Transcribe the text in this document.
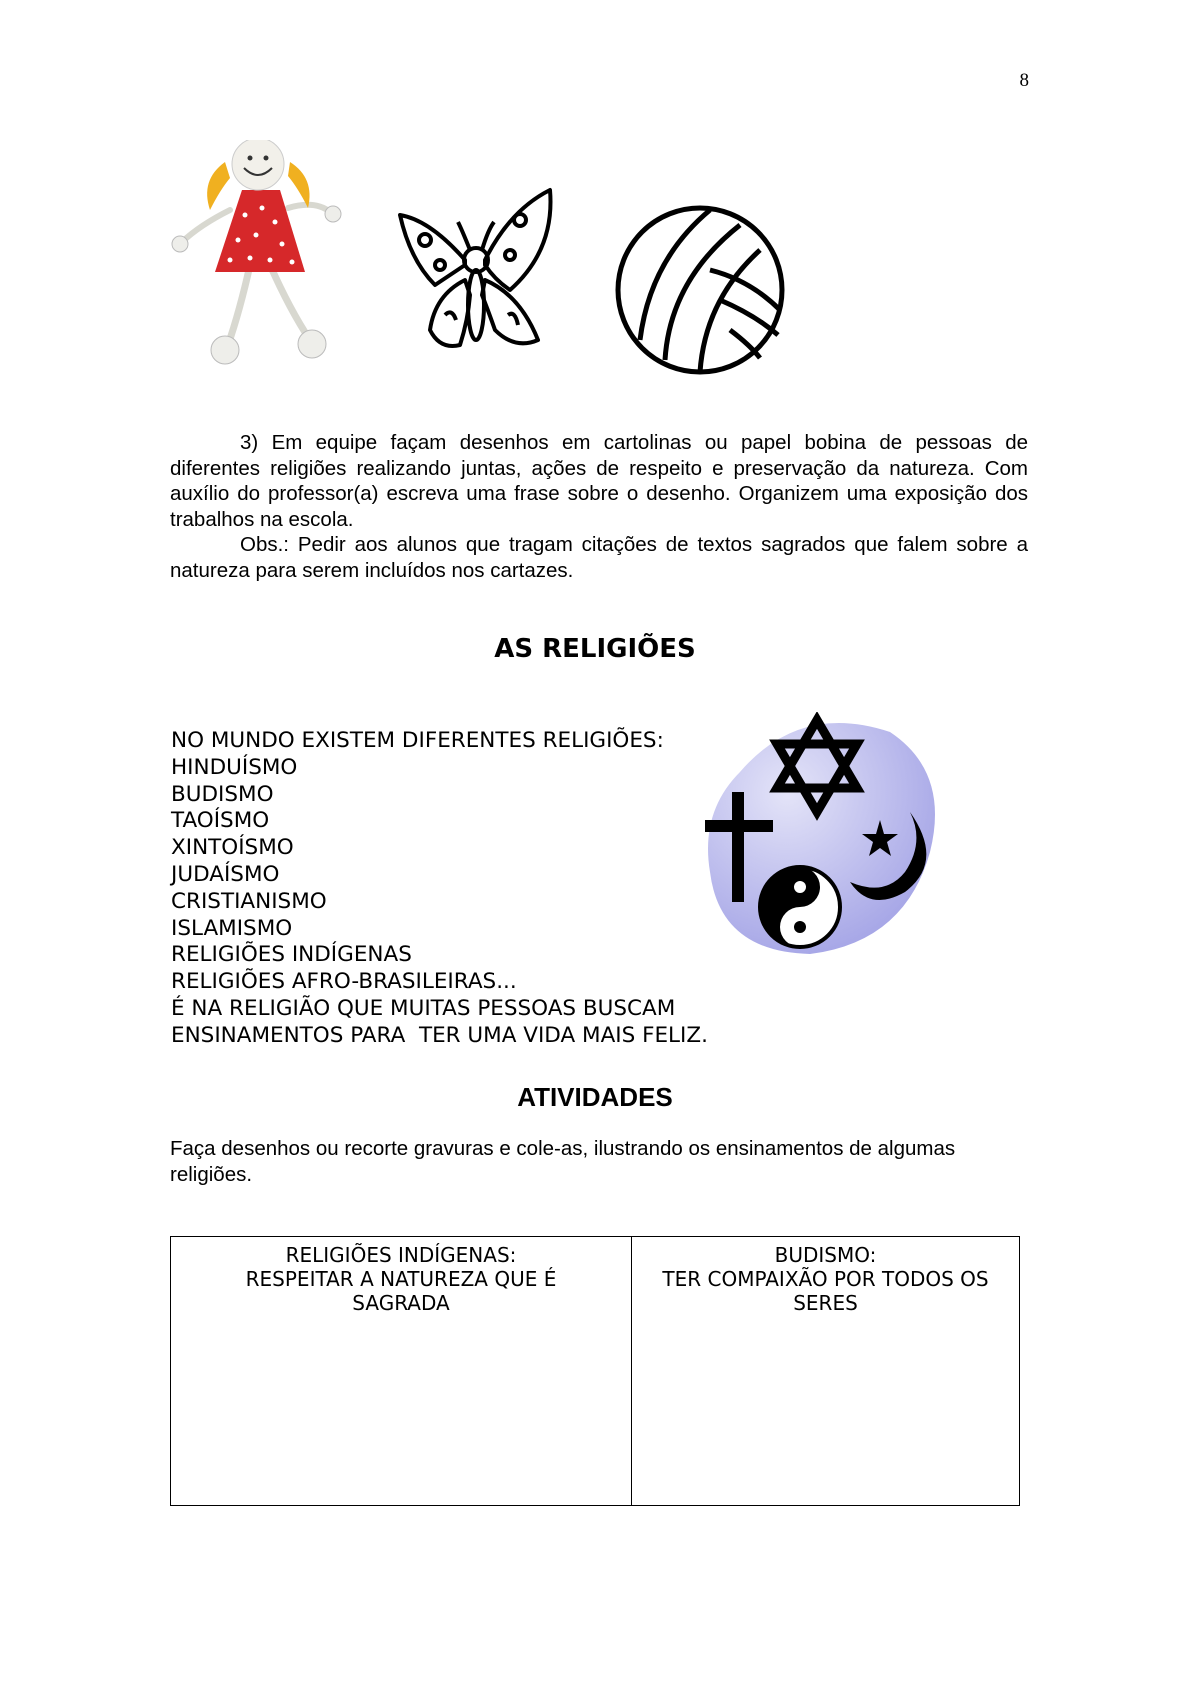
8

3) Em equipe façam desenhos em cartolinas ou papel bobina de pessoas de diferentes religiões realizando juntas, ações de respeito e preservação da natureza. Com auxílio do professor(a) escreva uma frase sobre o desenho. Organizem uma exposição dos trabalhos na escola.

Obs.: Pedir aos alunos que tragam citações de textos sagrados que falem sobre a natureza para serem incluídos nos cartazes.

AS RELIGIÕES
NO MUNDO EXISTEM DIFERENTES RELIGIÕES:
HINDUÍSMO
BUDISMO
TAOÍSMO
XINTOÍSMO
JUDAÍSMO
CRISTIANISMO
ISLAMISMO
RELIGIÕES INDÍGENAS
RELIGIÕES AFRO-BRASILEIRAS...
É NA RELIGIÃO QUE MUITAS PESSOAS BUSCAM
ENSINAMENTOS PARA  TER UMA VIDA MAIS FELIZ.
ATIVIDADES
Faça desenhos ou recorte gravuras e cole-as, ilustrando os ensinamentos de algumas religiões.
RELIGIÕES INDÍGENAS:
RESPEITAR A NATUREZA QUE É SAGRADA

BUDISMO:
TER COMPAIXÃO POR TODOS OS SERES
